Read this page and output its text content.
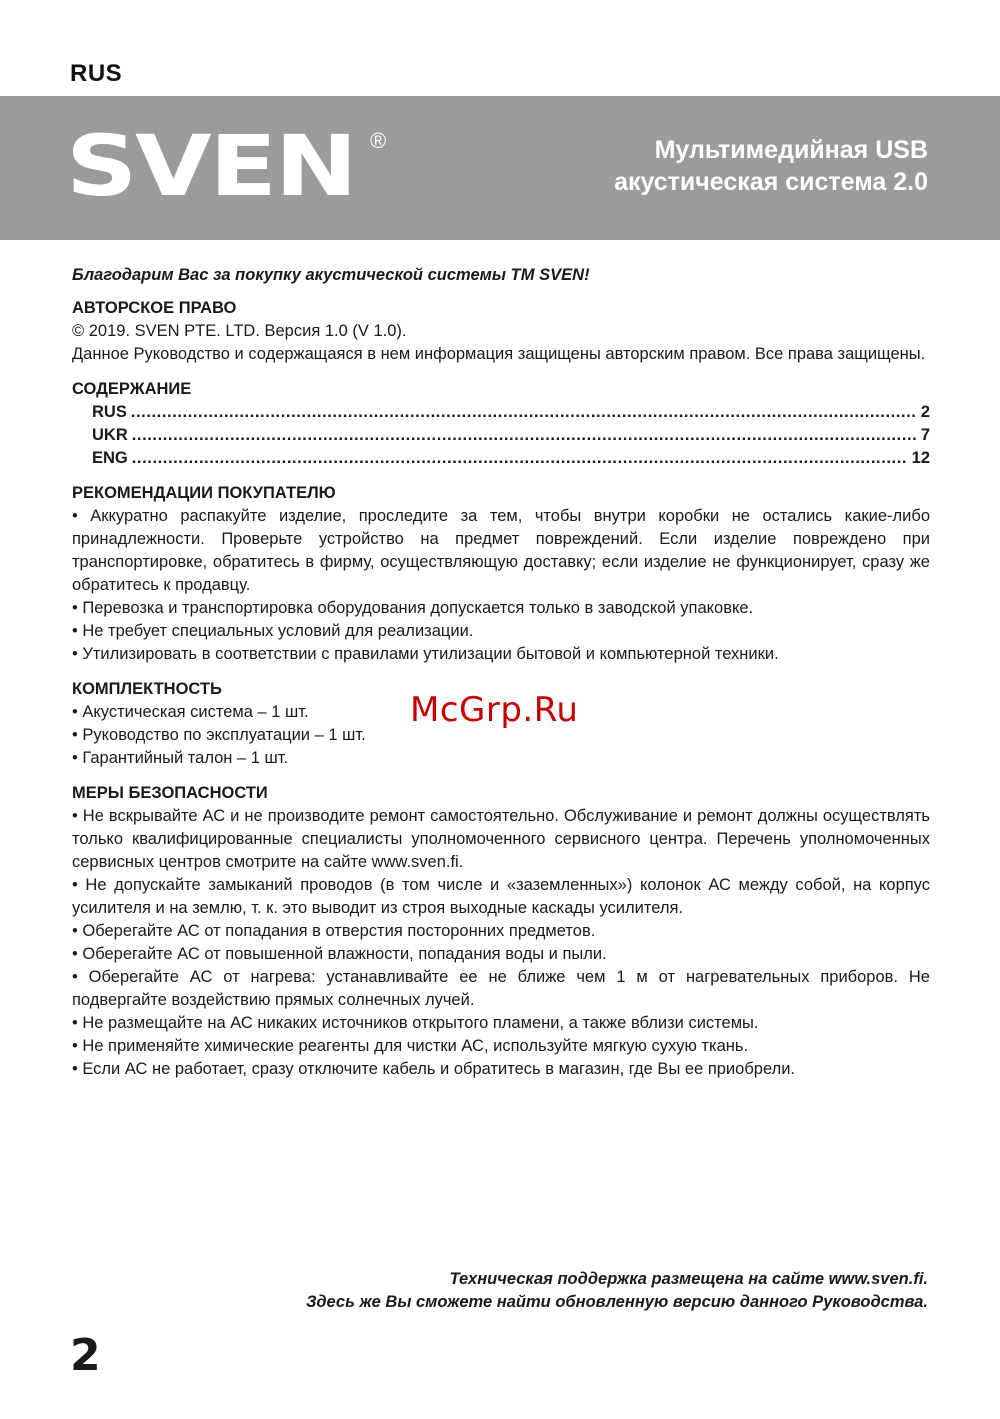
RUS
SVEN ®	Мультимедийная USB
акустическая система 2.0

Благодарим Вас за покупку акустической системы ТМ SVEN!

АВТОРСКОЕ ПРАВО

© 2019. SVEN PTE. LTD. Версия 1.0 (V 1.0).

Данное Руководство и содержащаяся в нем информация защищены авторским правом. Все права защищены.

СОДЕРЖАНИЕ
RUS . . .	2
UKR . . .	7
ENG . . .	12
РЕКОМЕНДАЦИИ ПОКУПАТЕЛЮ
• Аккуратно распакуйте изделие, проследите за тем, чтобы внутри коробки не остались какие-либо принадлежности. Проверьте устройство на предмет повреждений. Если изделие повреждено при транспортировке, обратитесь в фирму, осуществляющую доставку; если изделие не функционирует, сразу же обратитесь к продавцу.
• Перевозка и транспортировка оборудования допускается только в заводской упаковке.
• Не требует специальных условий для реализации.
• Утилизировать в соответствии с правилами утилизации бытовой и компьютерной техники.
КОМПЛЕКТНОСТЬ
• Акустическая система – 1 шт.
• Руководство по эксплуатации – 1 шт.
• Гарантийный талон – 1 шт.
МЕРЫ БЕЗОПАСНОСТИ
• Не вскрывайте АС и не производите ремонт самостоятельно. Обслуживание и ремонт должны осуществлять только квалифицированные специалисты уполномоченного сервисного центра. Перечень уполномоченных сервисных центров смотрите на сайте www.sven.fi.
• Не допускайте замыканий проводов (в том числе и «заземленных») колонок АС между собой, на корпус усилителя и на землю, т. к. это выводит из строя выходные каскады усилителя.
• Оберегайте АС от попадания в отверстия посторонних предметов.
• Оберегайте АС от повышенной влажности, попадания воды и пыли.
• Оберегайте АС от нагрева: устанавливайте ее не ближе чем 1 м от нагревательных приборов. Не подвергайте воздействию прямых солнечных лучей.
• Не размещайте на АС никаких источников открытого пламени, а также вблизи системы.
• Не применяйте химические реагенты для чистки АС, используйте мягкую сухую ткань.
• Если АС не работает, сразу отключите кабель и обратитесь в магазин, где Вы ее приобрели.
McGrp.Ru
Техническая поддержка размещена на сайте www.sven.fi.
Здесь же Вы сможете найти обновленную версию данного Руководства.
2
